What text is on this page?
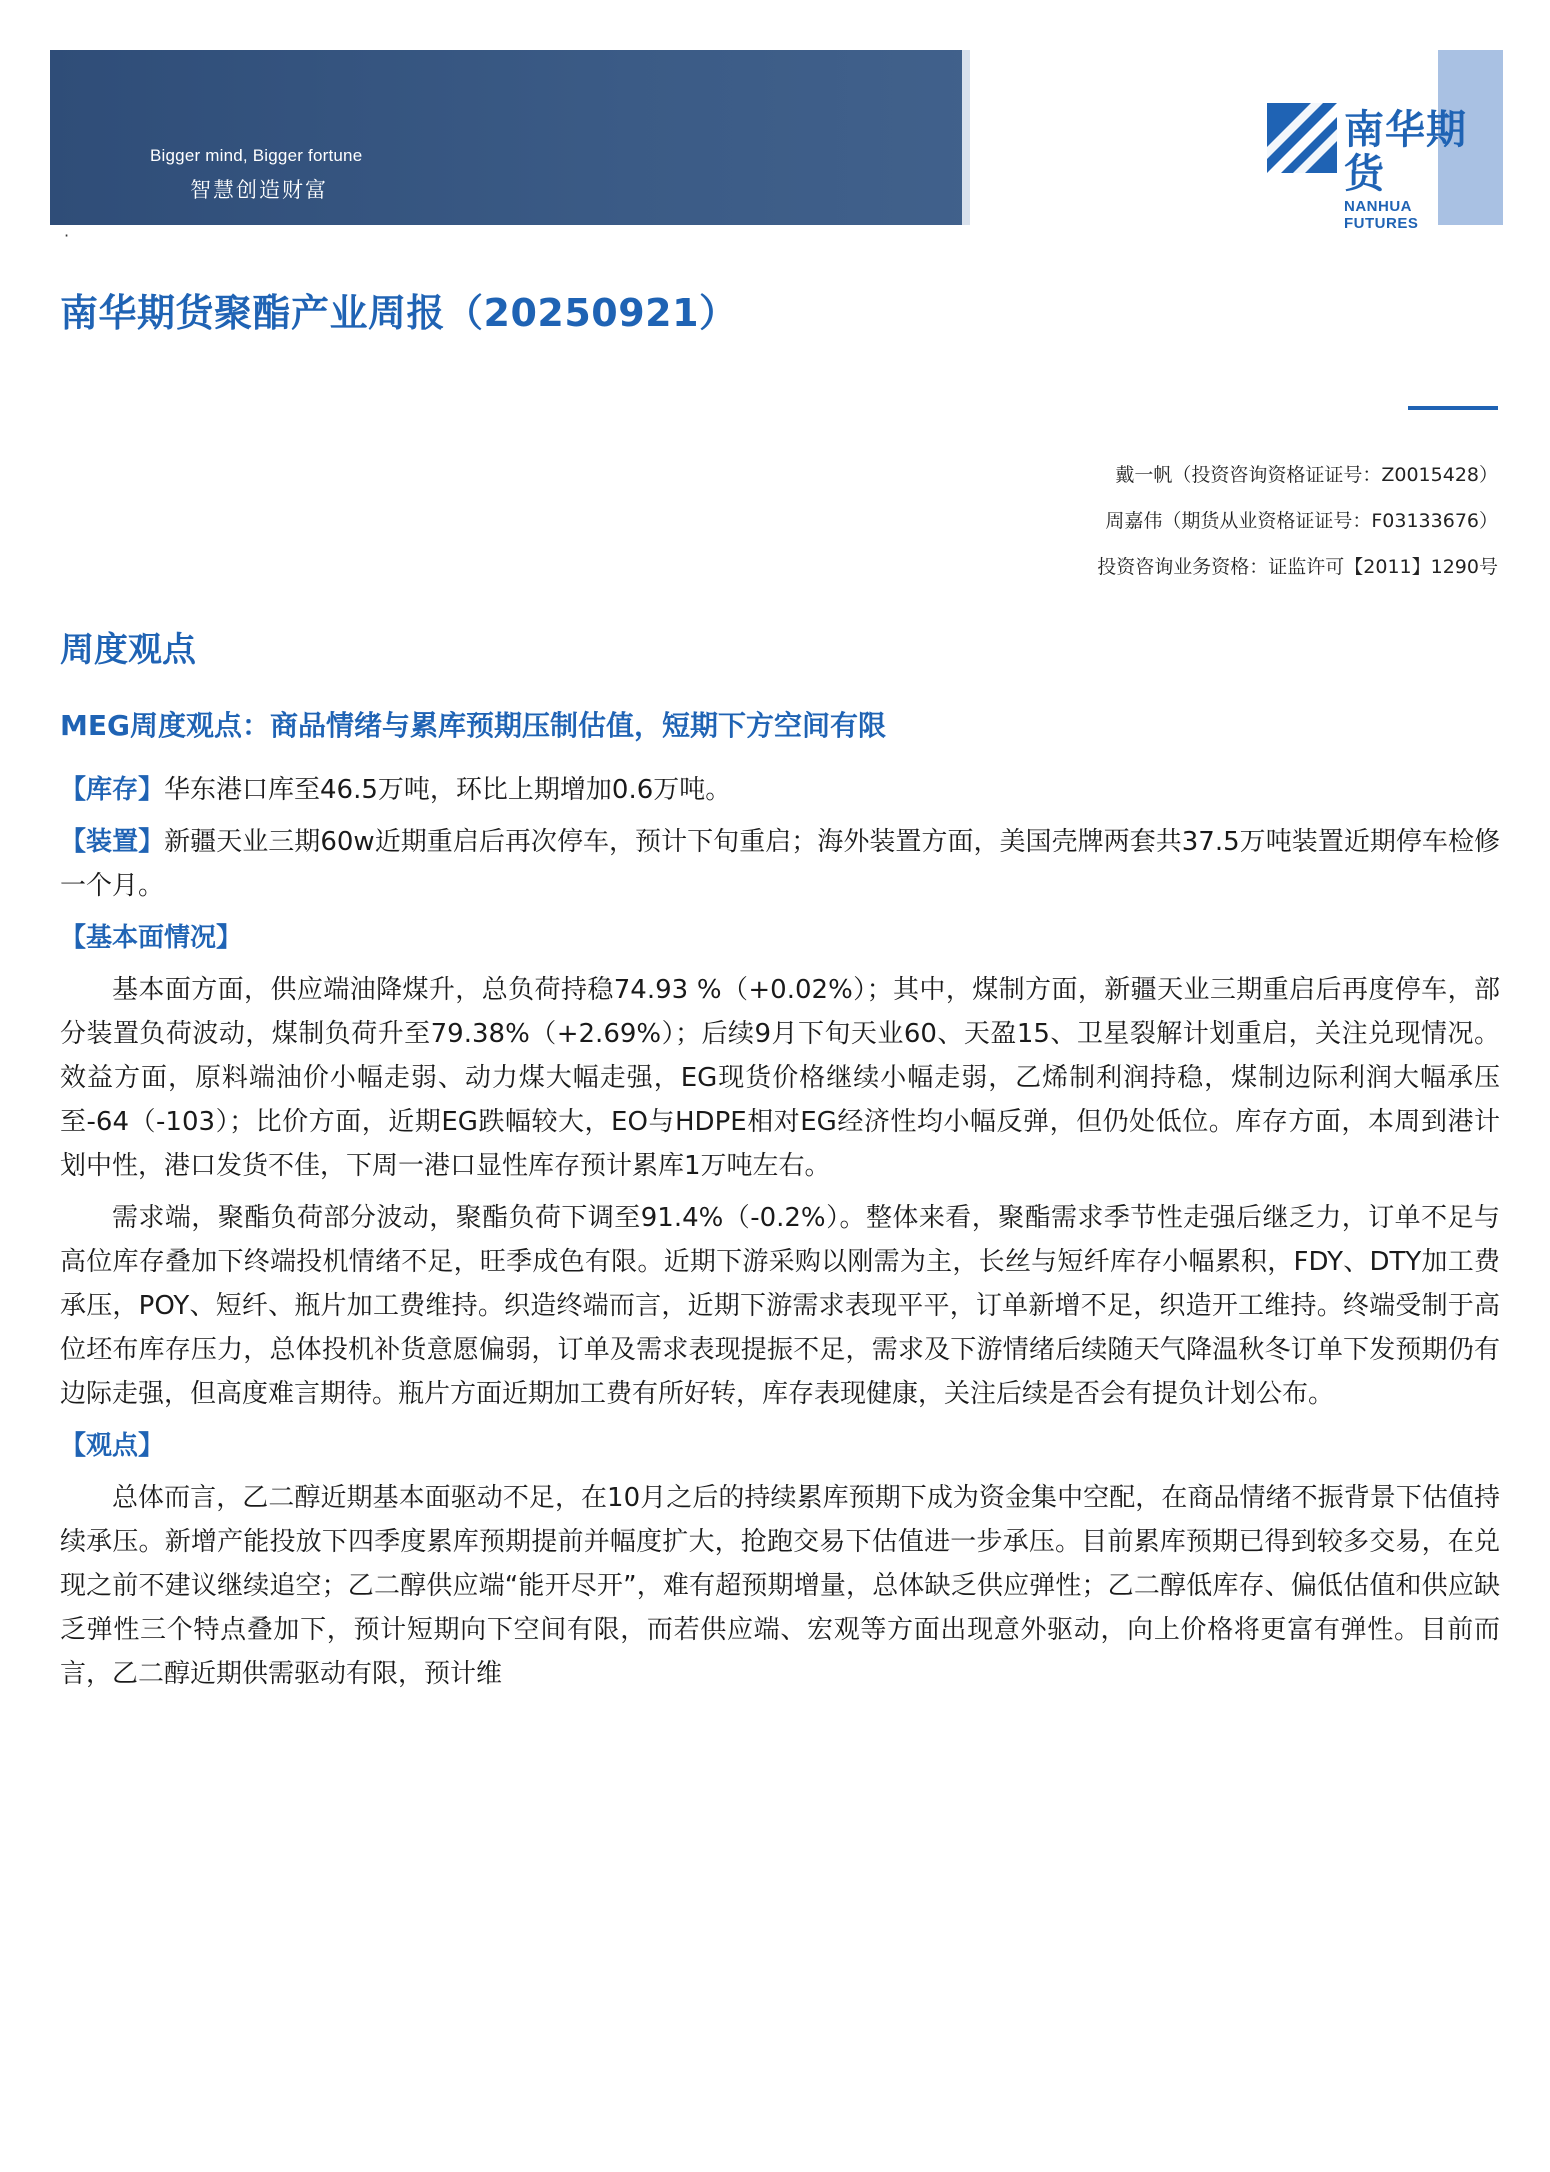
Bigger mind, Bigger fortune
智慧创造财富
南华期货
NANHUA FUTURES
·
南华期货聚酯产业周报（20250921）
戴一帆（投资咨询资格证证号：Z0015428）
周嘉伟（期货从业资格证证号：F03133676）
投资咨询业务资格：证监许可【2011】1290号
周度观点
MEG周度观点：商品情绪与累库预期压制估值，短期下方空间有限

【库存】华东港口库至46.5万吨，环比上期增加0.6万吨。

【装置】新疆天业三期60w近期重启后再次停车，预计下旬重启；海外装置方面，美国壳牌两套共37.5万吨装置近期停车检修一个月。

【基本面情况】

基本面方面，供应端油降煤升，总负荷持稳74.93 %（+0.02%）；其中，煤制方面，新疆天业三期重启后再度停车，部分装置负荷波动，煤制负荷升至79.38%（+2.69%）；后续9月下旬天业60、天盈15、卫星裂解计划重启，关注兑现情况。效益方面，原料端油价小幅走弱、动力煤大幅走强，EG现货价格继续小幅走弱，乙烯制利润持稳，煤制边际利润大幅承压至-64（-103）；比价方面，近期EG跌幅较大，EO与HDPE相对EG经济性均小幅反弹，但仍处低位。库存方面，本周到港计划中性，港口发货不佳，下周一港口显性库存预计累库1万吨左右。

需求端，聚酯负荷部分波动，聚酯负荷下调至91.4%（-0.2%）。整体来看，聚酯需求季节性走强后继乏力，订单不足与高位库存叠加下终端投机情绪不足，旺季成色有限。近期下游采购以刚需为主，长丝与短纤库存小幅累积，FDY、DTY加工费承压，POY、短纤、瓶片加工费维持。织造终端而言，近期下游需求表现平平，订单新增不足，织造开工维持。终端受制于高位坯布库存压力，总体投机补货意愿偏弱，订单及需求表现提振不足，需求及下游情绪后续随天气降温秋冬订单下发预期仍有边际走强，但高度难言期待。瓶片方面近期加工费有所好转，库存表现健康，关注后续是否会有提负计划公布。

【观点】

总体而言，乙二醇近期基本面驱动不足，在10月之后的持续累库预期下成为资金集中空配，在商品情绪不振背景下估值持续承压。新增产能投放下四季度累库预期提前并幅度扩大，抢跑交易下估值进一步承压。目前累库预期已得到较多交易，在兑现之前不建议继续追空；乙二醇供应端“能开尽开”，难有超预期增量，总体缺乏供应弹性；乙二醇低库存、偏低估值和供应缺乏弹性三个特点叠加下，预计短期向下空间有限，而若供应端、宏观等方面出现意外驱动，向上价格将更富有弹性。目前而言，乙二醇近期供需驱动有限，预计维
